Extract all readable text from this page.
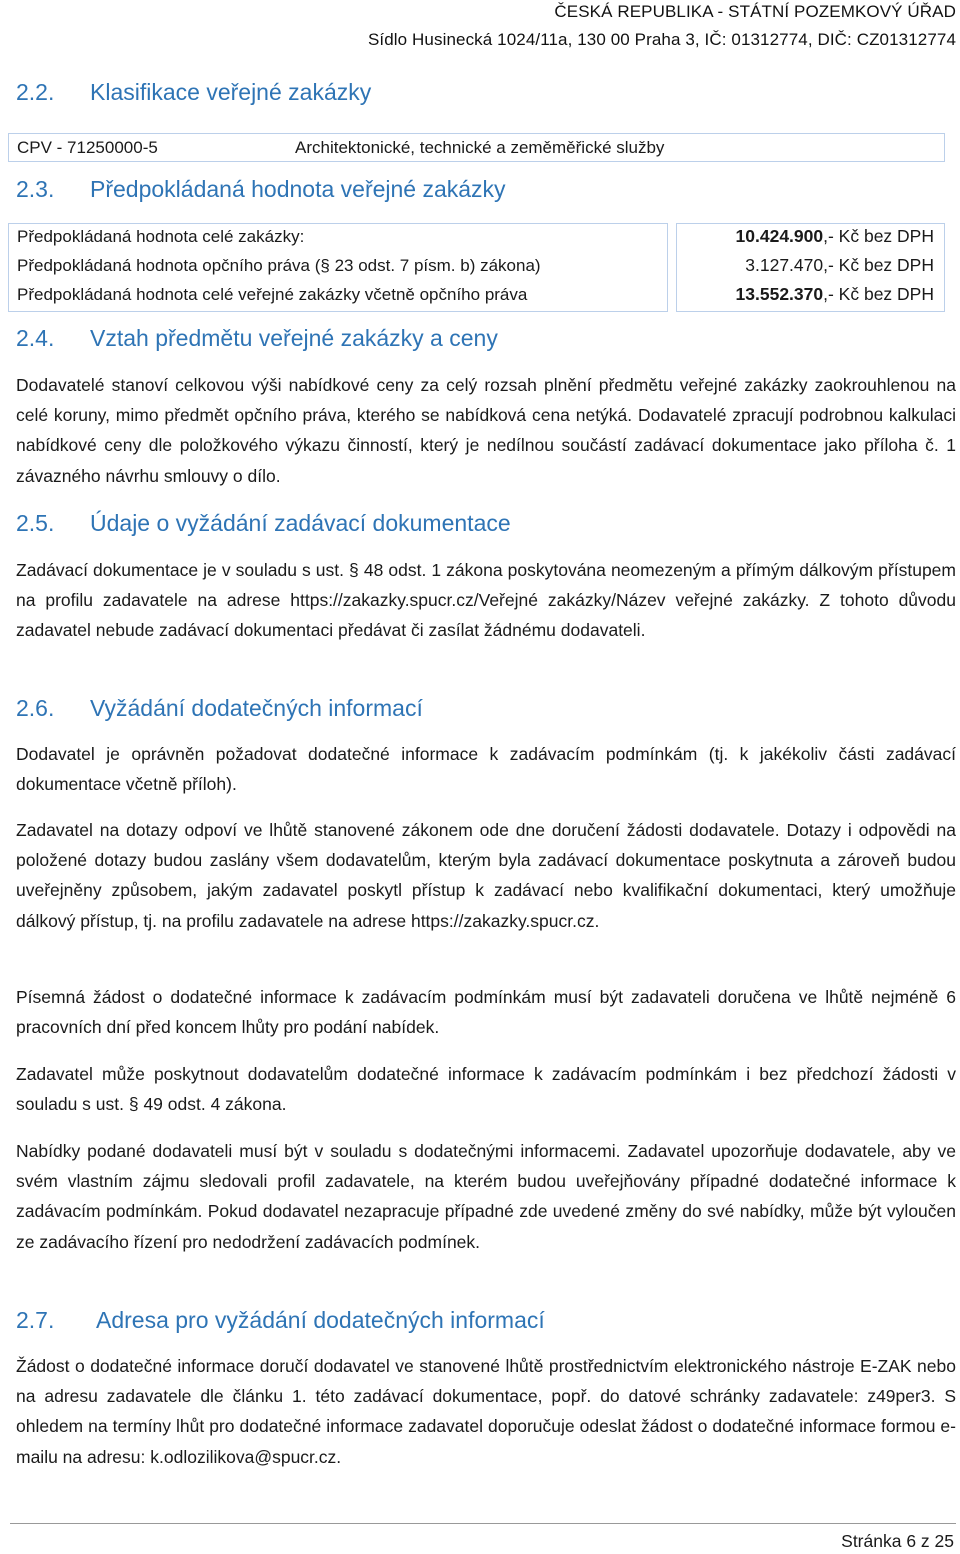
ČESKÁ REPUBLIKA - STÁTNÍ POZEMKOVÝ ÚŘAD
Sídlo Husinecká 1024/11a, 130 00 Praha 3, IČ: 01312774, DIČ: CZ01312774
2.2. Klasifikace veřejné zakázky
CPV - 71250000-5	Architektonické, technické a zeměměřické služby
2.3. Předpokládaná hodnota veřejné zakázky
Předpokládaná hodnota celé zakázky:
Předpokládaná hodnota opčního práva (§ 23 odst. 7 písm. b) zákona)
Předpokládaná hodnota celé veřejné zakázky včetně opčního práva
10.424.900,- Kč bez DPH
3.127.470,- Kč bez DPH
13.552.370,- Kč bez DPH
2.4. Vztah předmětu veřejné zakázky a ceny

Dodavatelé stanoví celkovou výši nabídkové ceny za celý rozsah plnění předmětu veřejné zakázky zaokrouhlenou na celé koruny, mimo předmět opčního práva, kterého se nabídková cena netýká. Dodavatelé zpracují podrobnou kalkulaci nabídkové ceny dle položkového výkazu činností, který je nedílnou součástí zadávací dokumentace jako příloha č. 1 závazného návrhu smlouvy o dílo.

2.5. Údaje o vyžádání zadávací dokumentace

Zadávací dokumentace je v souladu s ust. § 48 odst. 1 zákona poskytována neomezeným a přímým dálkovým přístupem na profilu zadavatele na adrese https://zakazky.spucr.cz/Veřejné zakázky/Název veřejné zakázky. Z tohoto důvodu zadavatel nebude zadávací dokumentaci předávat či zasílat žádnému dodavateli.

2.6. Vyžádání dodatečných informací

Dodavatel je oprávněn požadovat dodatečné informace k zadávacím podmínkám (tj. k jakékoliv části zadávací dokumentace včetně příloh).

Zadavatel na dotazy odpoví ve lhůtě stanovené zákonem ode dne doručení žádosti dodavatele. Dotazy i odpovědi na položené dotazy budou zaslány všem dodavatelům, kterým byla zadávací dokumentace poskytnuta a zároveň budou uveřejněny způsobem, jakým zadavatel poskytl přístup k zadávací nebo kvalifikační dokumentaci, který umožňuje dálkový přístup, tj. na profilu zadavatele na adrese https://zakazky.spucr.cz.

Písemná žádost o dodatečné informace k zadávacím podmínkám musí být zadavateli doručena ve lhůtě nejméně 6 pracovních dní před koncem lhůty pro podání nabídek.

Zadavatel může poskytnout dodavatelům dodatečné informace k zadávacím podmínkám i bez předchozí žádosti v souladu s ust. § 49 odst. 4 zákona.

Nabídky podané dodavateli musí být v souladu s dodatečnými informacemi. Zadavatel upozorňuje dodavatele, aby ve svém vlastním zájmu sledovali profil zadavatele, na kterém budou uveřejňovány případné dodatečné informace k zadávacím podmínkám. Pokud dodavatel nezapracuje případné zde uvedené změny do své nabídky, může být vyloučen ze zadávacího řízení pro nedodržení zadávacích podmínek.

2.7. Adresa pro vyžádání dodatečných informací

Žádost o dodatečné informace doručí dodavatel ve stanovené lhůtě prostřednictvím elektronického nástroje E-ZAK nebo na adresu zadavatele dle článku 1. této zadávací dokumentace, popř. do datové schránky zadavatele: z49per3. S ohledem na termíny lhůt pro dodatečné informace zadavatel doporučuje odeslat žádost o dodatečné informace formou e-mailu na adresu: k.odlozilikova@spucr.cz.

Stránka 6 z 25
